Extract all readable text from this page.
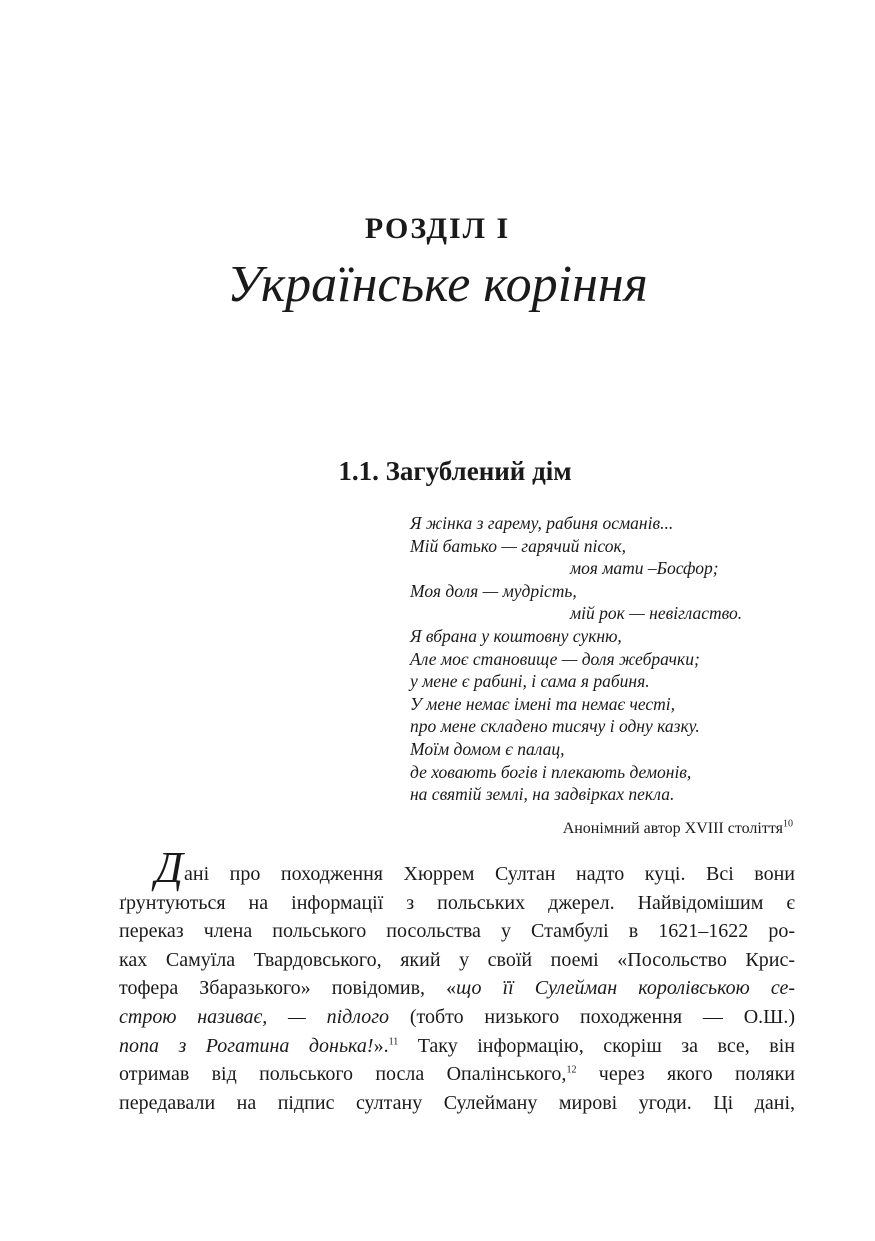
РОЗДІЛ І
Українське коріння
1.1. Загублений дім
Я жінка з гарему, рабиня османів...
Мій батько — гарячий пісок,
моя мати –Босфор;
Моя доля — мудрість,
мій рок — невігластво.
Я вбрана у коштовну сукню,
Але моє становище — доля жебрачки;
у мене є рабині, і сама я рабиня.
У мене немає імені та немає честі,
про мене складено тисячу і одну казку.
Моїм домом є палац,
де ховають богів і плекають демонів,
на святій землі, на задвірках пекла.
Анонімний автор XVIII століття$^{10}$
Дані про походження Хюррем Султан надто куці. Всі вони
ґрунтуються на інформації з польських джерел. Найвідомішим є
переказ члена польського посольства у Стамбулі в 1621–1622 ро-
ках Самуїла Твардовського, який у своїй поемі «Посольство Крис-
тофера Збаразького» повідомив, «що її Сулейман королівською се-
строю називає, — підлого (тобто низького походження — О.Ш.)
попа з Рогатина донька!».$^{11}$ Таку інформацію, скоріш за все, він
отримав від польського посла Опалінського,$^{12}$ через якого поляки
передавали на підпис султану Сулейману мирові угоди. Ці дані,
